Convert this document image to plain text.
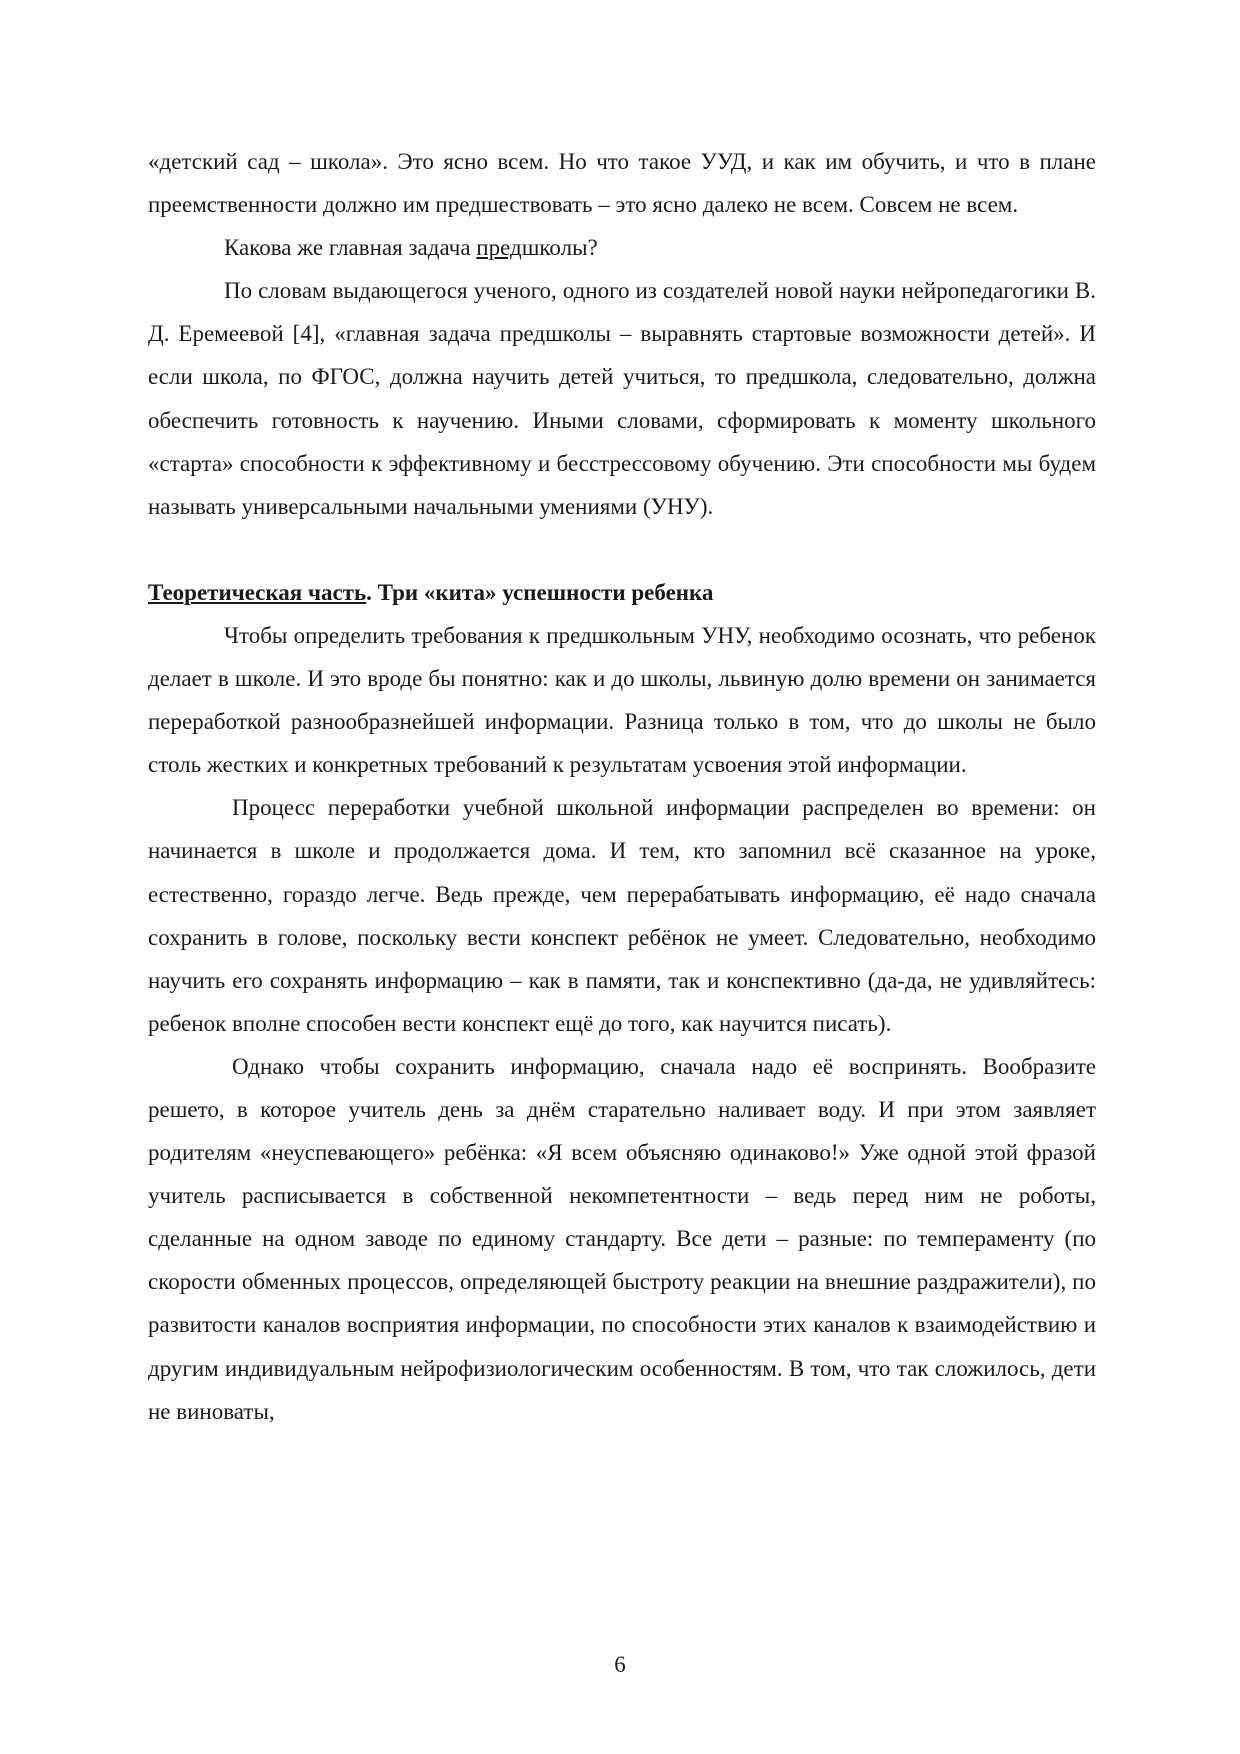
«детский сад – школа». Это ясно всем. Но что такое УУД, и как им обучить, и что в плане преемственности должно им предшествовать – это ясно далеко не всем. Совсем не всем.

Какова же главная задача предшколы?

По словам выдающегося ученого, одного из создателей новой науки нейропедагогики В. Д. Еремеевой [4], «главная задача предшколы – выравнять стартовые возможности детей». И если школа, по ФГОС, должна научить детей учиться, то предшкола, следовательно, должна обеспечить готовность к научению. Иными словами, сформировать к моменту школьного «старта» способности к эффективному и бесстрессовому обучению. Эти способности мы будем называть универсальными начальными умениями (УНУ).

Теоретическая часть. Три «кита» успешности ребенка

Чтобы определить требования к предшкольным УНУ, необходимо осознать, что ребенок делает в школе. И это вроде бы понятно: как и до школы, львиную долю времени он занимается переработкой разнообразнейшей информации. Разница только в том, что до школы не было столь жестких и конкретных требований к результатам усвоения этой информации.

Процесс переработки учебной школьной информации распределен во времени: он начинается в школе и продолжается дома. И тем, кто запомнил всё сказанное на уроке, естественно, гораздо легче. Ведь прежде, чем перерабатывать информацию, её надо сначала сохранить в голове, поскольку вести конспект ребёнок не умеет. Следовательно, необходимо научить его сохранять информацию – как в памяти, так и конспективно (да-да, не удивляйтесь: ребенок вполне способен вести конспект ещё до того, как научится писать).

Однако чтобы сохранить информацию, сначала надо её воспринять. Вообразите решето, в которое учитель день за днём старательно наливает воду. И при этом заявляет родителям «неуспевающего» ребёнка: «Я всем объясняю одинаково!» Уже одной этой фразой учитель расписывается в собственной некомпетентности – ведь перед ним не роботы, сделанные на одном заводе по единому стандарту. Все дети – разные: по темпераменту (по скорости обменных процессов, определяющей быстроту реакции на внешние раздражители), по развитости каналов восприятия информации, по способности этих каналов к взаимодействию и другим индивидуальным нейрофизиологическим особенностям. В том, что так сложилось, дети не виноваты,

6
